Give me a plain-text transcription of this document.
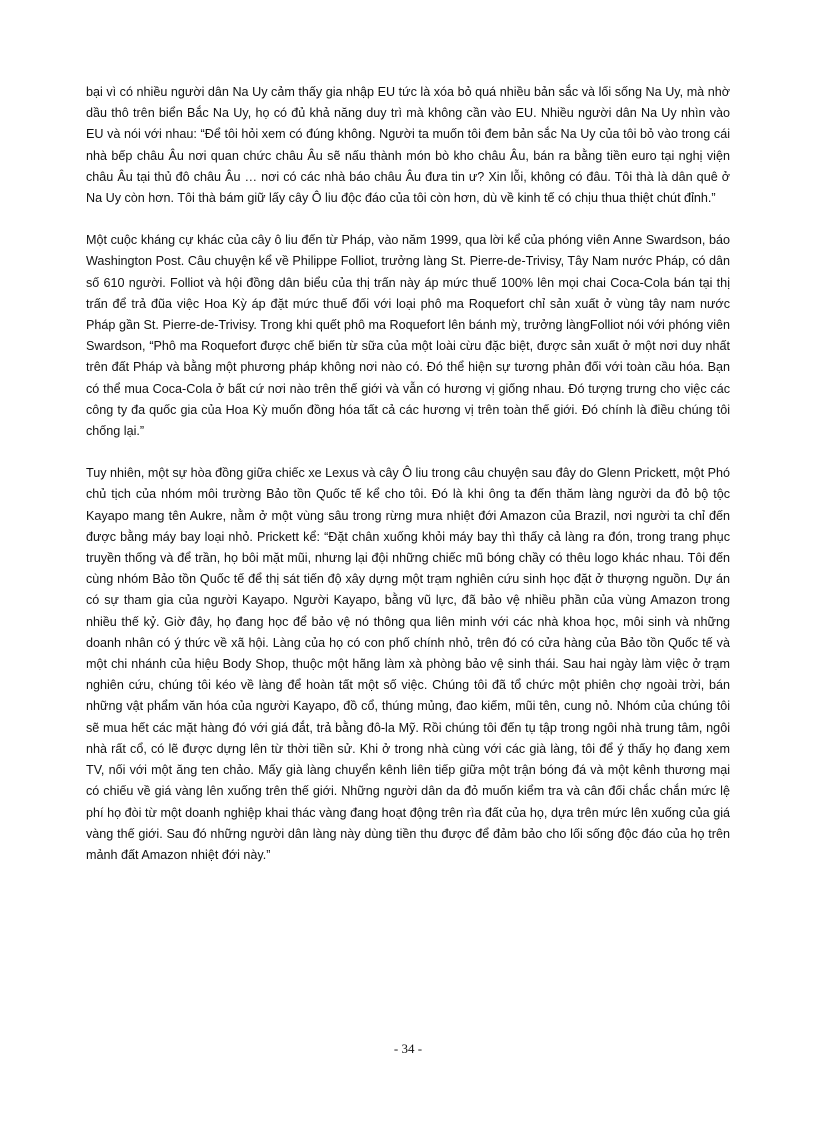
bại vì có nhiều người dân Na Uy cảm thấy gia nhập EU tức là xóa bỏ quá nhiều bản sắc và lối sống Na Uy, mà nhờ dầu thô trên biển Bắc Na Uy, họ có đủ khả năng duy trì mà không cần vào EU. Nhiều người dân Na Uy nhìn vào EU và nói với nhau: “Để tôi hỏi xem có đúng không. Người ta muốn tôi đem bản sắc Na Uy của tôi bỏ vào trong cái nhà bếp châu Âu nơi quan chức châu Âu sẽ nấu thành món bò kho châu Âu, bán ra bằng tiền euro tại nghị viện châu Âu tại thủ đô châu Âu … nơi có các nhà báo châu Âu đưa tin ư? Xin lỗi, không có đâu. Tôi thà là dân quê ở Na Uy còn hơn. Tôi thà bám giữ lấy cây Ô liu độc đáo của tôi còn hơn, dù về kinh tế có chịu thua thiệt chút đỉnh.”

Một cuộc kháng cự khác của cây ô liu đến từ Pháp, vào năm 1999, qua lời kể của phóng viên Anne Swardson, báo Washington Post. Câu chuyện kể về Philippe Folliot, trưởng làng St. Pierre-de-Trivisy, Tây Nam nước Pháp, có dân số 610 người. Folliot và hội đồng dân biểu của thị trấn này áp mức thuế 100% lên mọi chai Coca-Cola bán tại thị trấn để trả đũa việc Hoa Kỳ áp đặt mức thuế đối với loại phô ma Roquefort chỉ sản xuất ở vùng tây nam nước Pháp gần St. Pierre-de-Trivisy. Trong khi quết phô ma Roquefort lên bánh mỳ, trưởng làngFolliot nói với phóng viên Swardson, “Phô ma Roquefort được chế biến từ sữa của một loài cừu đặc biệt, được sản xuất ở một nơi duy nhất trên đất Pháp và bằng một phương pháp không nơi nào có. Đó thể hiện sự tương phản đối với toàn cầu hóa. Bạn có thể mua Coca-Cola ở bất cứ nơi nào trên thế giới và vẫn có hương vị giống nhau. Đó tượng trưng cho việc các công ty đa quốc gia của Hoa Kỳ muốn đồng hóa tất cả các hương vị trên toàn thế giới. Đó chính là điều chúng tôi chống lại.”

Tuy nhiên, một sự hòa đồng giữa chiếc xe Lexus và cây Ô liu trong câu chuyện sau đây do Glenn Prickett, một Phó chủ tịch của nhóm môi trường Bảo tồn Quốc tế kể cho tôi. Đó là khi ông ta đến thăm làng người da đỏ bộ tộc Kayapo mang tên Aukre, nằm ở một vùng sâu trong rừng mưa nhiệt đới Amazon của Brazil, nơi người ta chỉ đến được bằng máy bay loại nhỏ. Prickett kể: “Đặt chân xuống khỏi máy bay thì thấy cả làng ra đón, trong trang phục truyền thống và để trần, họ bôi mặt mũi, nhưng lại đội những chiếc mũ bóng chầy có thêu logo khác nhau. Tôi đến cùng nhóm Bảo tồn Quốc tế để thị sát tiến độ xây dựng một trạm nghiên cứu sinh học đặt ở thượng nguồn. Dự án có sự tham gia của người Kayapo. Người Kayapo, bằng vũ lực, đã bảo vệ nhiều phần của vùng Amazon trong nhiều thế kỷ. Giờ đây, họ đang học để bảo vệ nó thông qua liên minh với các nhà khoa học, môi sinh và những doanh nhân có ý thức về xã hội. Làng của họ có con phố chính nhỏ, trên đó có cửa hàng của Bảo tồn Quốc tế và một chi nhánh của hiệu Body Shop, thuộc một hãng làm xà phòng bảo vệ sinh thái. Sau hai ngày làm việc ở trạm nghiên cứu, chúng tôi kéo về làng để hoàn tất một số việc. Chúng tôi đã tổ chức một phiên chợ ngoài trời, bán những vật phẩm văn hóa của người Kayapo, đồ cổ, thúng mủng, đao kiếm, mũi tên, cung nỏ. Nhóm của chúng tôi sẽ mua hết các mặt hàng đó với giá đắt, trả bằng đô-la Mỹ. Rồi chúng tôi đến tụ tập trong ngôi nhà trung tâm, ngôi nhà rất cổ, có lẽ được dựng lên từ thời tiền sử. Khi ở trong nhà cùng với các già làng, tôi để ý thấy họ đang xem TV, nối với một ăng ten chảo. Mấy già làng chuyển kênh liên tiếp giữa một trận bóng đá và một kênh thương mại có chiếu về giá vàng lên xuống trên thế giới. Những người dân da đỏ muốn kiểm tra và cân đối chắc chắn mức lệ phí họ đòi từ một doanh nghiệp khai thác vàng đang hoạt động trên rìa đất của họ, dựa trên mức lên xuống của giá vàng thế giới. Sau đó những người dân làng này dùng tiền thu được để đảm bảo cho lối sống độc đáo của họ trên mảnh đất Amazon nhiệt đới này.”

- 34 -
